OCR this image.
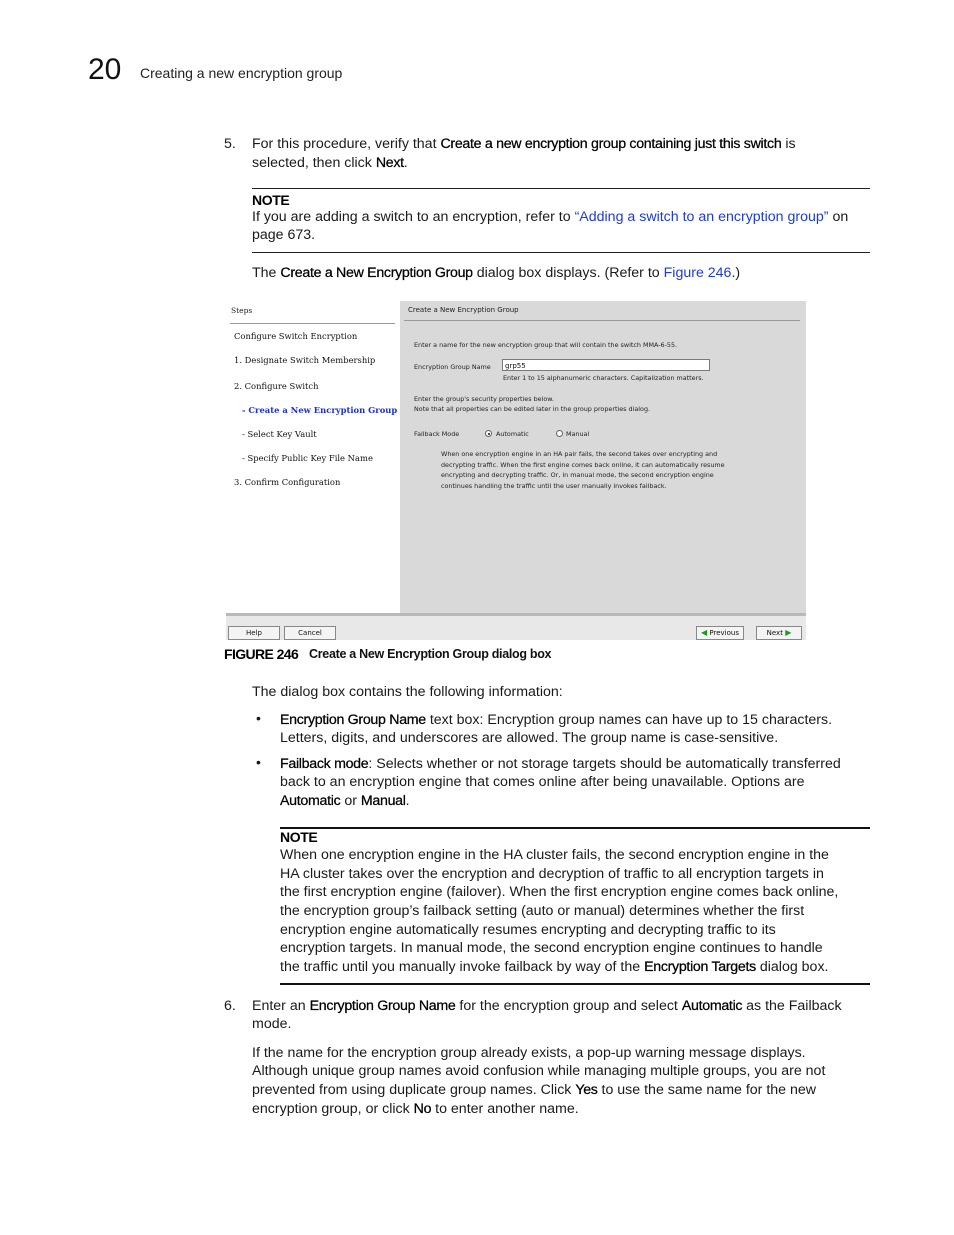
20 Creating a new encryption group
5. For this procedure, verify that Create a new encryption group containing just this switch is
selected, then click Next.
NOTE
If you are adding a switch to an encryption, refer to “Adding a switch to an encryption group” on
page 673.
The Create a New Encryption Group dialog box displays. (Refer to Figure 246.)
Steps
Configure Switch Encryption
1. Designate Switch Membership
2. Configure Switch
- Create a New Encryption Group
- Select Key Vault
- Specify Public Key File Name
3. Confirm Configuration
Create a New Encryption Group
Enter a name for the new encryption group that will contain the switch MMA-6-55.
Encryption Group Name	grp55
Enter 1 to 15 alphanumeric characters. Capitalization matters.
Enter the group's security properties below.
Note that all properties can be edited later in the group properties dialog.
Failback Mode	Automatic	Manual
When one encryption engine in an HA pair fails, the second takes over encrypting and
decrypting traffic. When the first engine comes back online, it can automatically resume
encrypting and decrypting traffic. Or, in manual mode, the second encryption engine
continues handling the traffic until the user manually invokes failback.
Help	Cancel	◀ Previous	Next ▶
FIGURE 246 Create a New Encryption Group dialog box
The dialog box contains the following information:
• Encryption Group Name text box: Encryption group names can have up to 15 characters.
Letters, digits, and underscores are allowed. The group name is case-sensitive.
• Failback mode: Selects whether or not storage targets should be automatically transferred
back to an encryption engine that comes online after being unavailable. Options are
Automatic or Manual.
NOTE
When one encryption engine in the HA cluster fails, the second encryption engine in the
HA cluster takes over the encryption and decryption of traffic to all encryption targets in
the first encryption engine (failover). When the first encryption engine comes back online,
the encryption group’s failback setting (auto or manual) determines whether the first
encryption engine automatically resumes encrypting and decrypting traffic to its
encryption targets. In manual mode, the second encryption engine continues to handle
the traffic until you manually invoke failback by way of the Encryption Targets dialog box.
6. Enter an Encryption Group Name for the encryption group and select Automatic as the Failback
mode.
If the name for the encryption group already exists, a pop-up warning message displays.
Although unique group names avoid confusion while managing multiple groups, you are not
prevented from using duplicate group names. Click Yes to use the same name for the new
encryption group, or click No to enter another name.
